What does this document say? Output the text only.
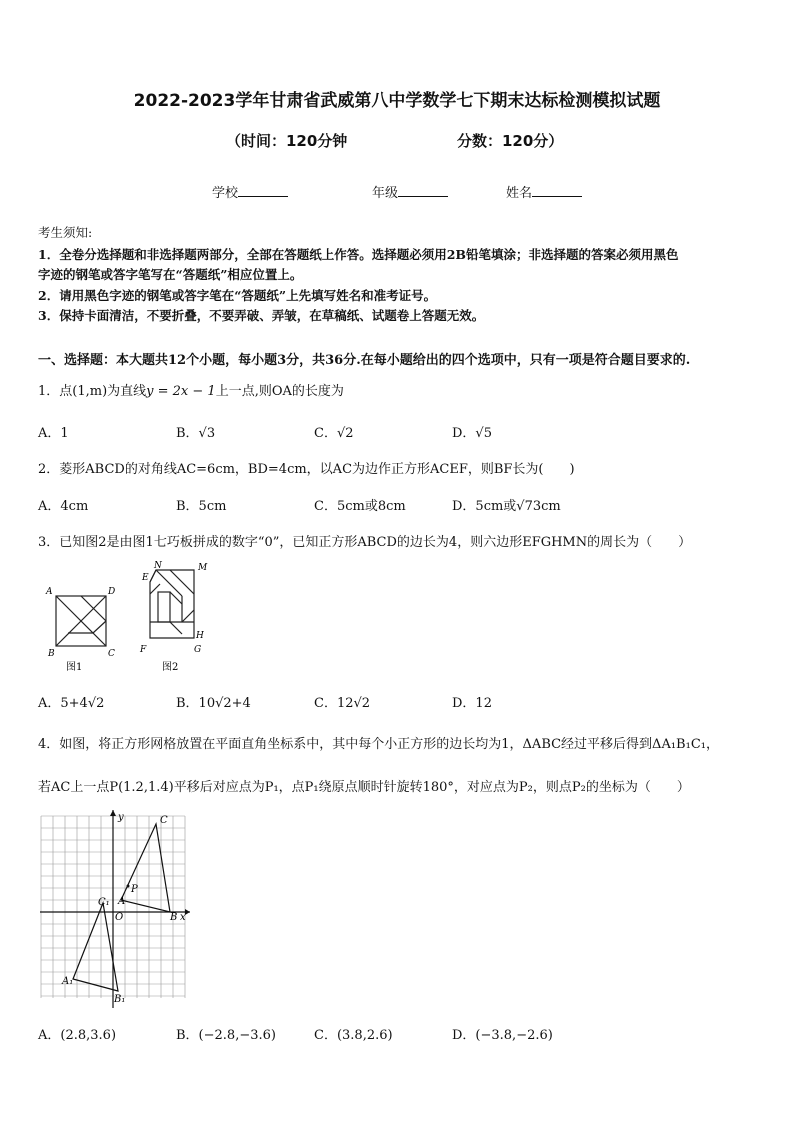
2022-2023学年甘肃省武威第八中学数学七下期末达标检测模拟试题
（时间：120分钟	分数：120分）
学校	年级	姓名
考生须知:
1．全卷分选择题和非选择题两部分，全部在答题纸上作答。选择题必须用2B铅笔填涂；非选择题的答案必须用黑色
字迹的钢笔或答字笔写在“答题纸”相应位置上。
2．请用黑色字迹的钢笔或答字笔在“答题纸”上先填写姓名和准考证号。
3．保持卡面清洁，不要折叠，不要弄破、弄皱，在草稿纸、试题卷上答题无效。
一、选择题：本大题共12个小题，每小题3分，共36分.在每小题给出的四个选项中，只有一项是符合题目要求的.
1．点(1,m)为直线y = 2x − 1上一点,则OA的长度为
A．1	B．√3	C．√2	D．√5
2．菱形ABCD的对角线AC=6cm，BD=4cm，以AC为边作正方形ACEF，则BF长为(　　)
A．4cm	B．5cm	C．5cm或8cm	D．5cm或√73cm
3．已知图2是由图1七巧板拼成的数字“0”，已知正方形ABCD的边长为4，则六边形EFGHMN的周长为（　　）
A	D
B	C
图1
E
N	M
H
F	G
图2
A．5+4√2	B．10√2+4	C．12√2	D．12
4．如图，将正方形网格放置在平面直角坐标系中，其中每个小正方形的边长均为1，ΔABC经过平移后得到ΔA₁B₁C₁，
若AC上一点P(1.2,1.4)平移后对应点为P₁，点P₁绕原点顺时针旋转180°，对应点为P₂，则点P₂的坐标为（　　）
C
A
P
B x
y
O
C₁
A₁
B₁
A．(2.8,3.6)	B．(−2.8,−3.6)	C．(3.8,2.6)	D．(−3.8,−2.6)
